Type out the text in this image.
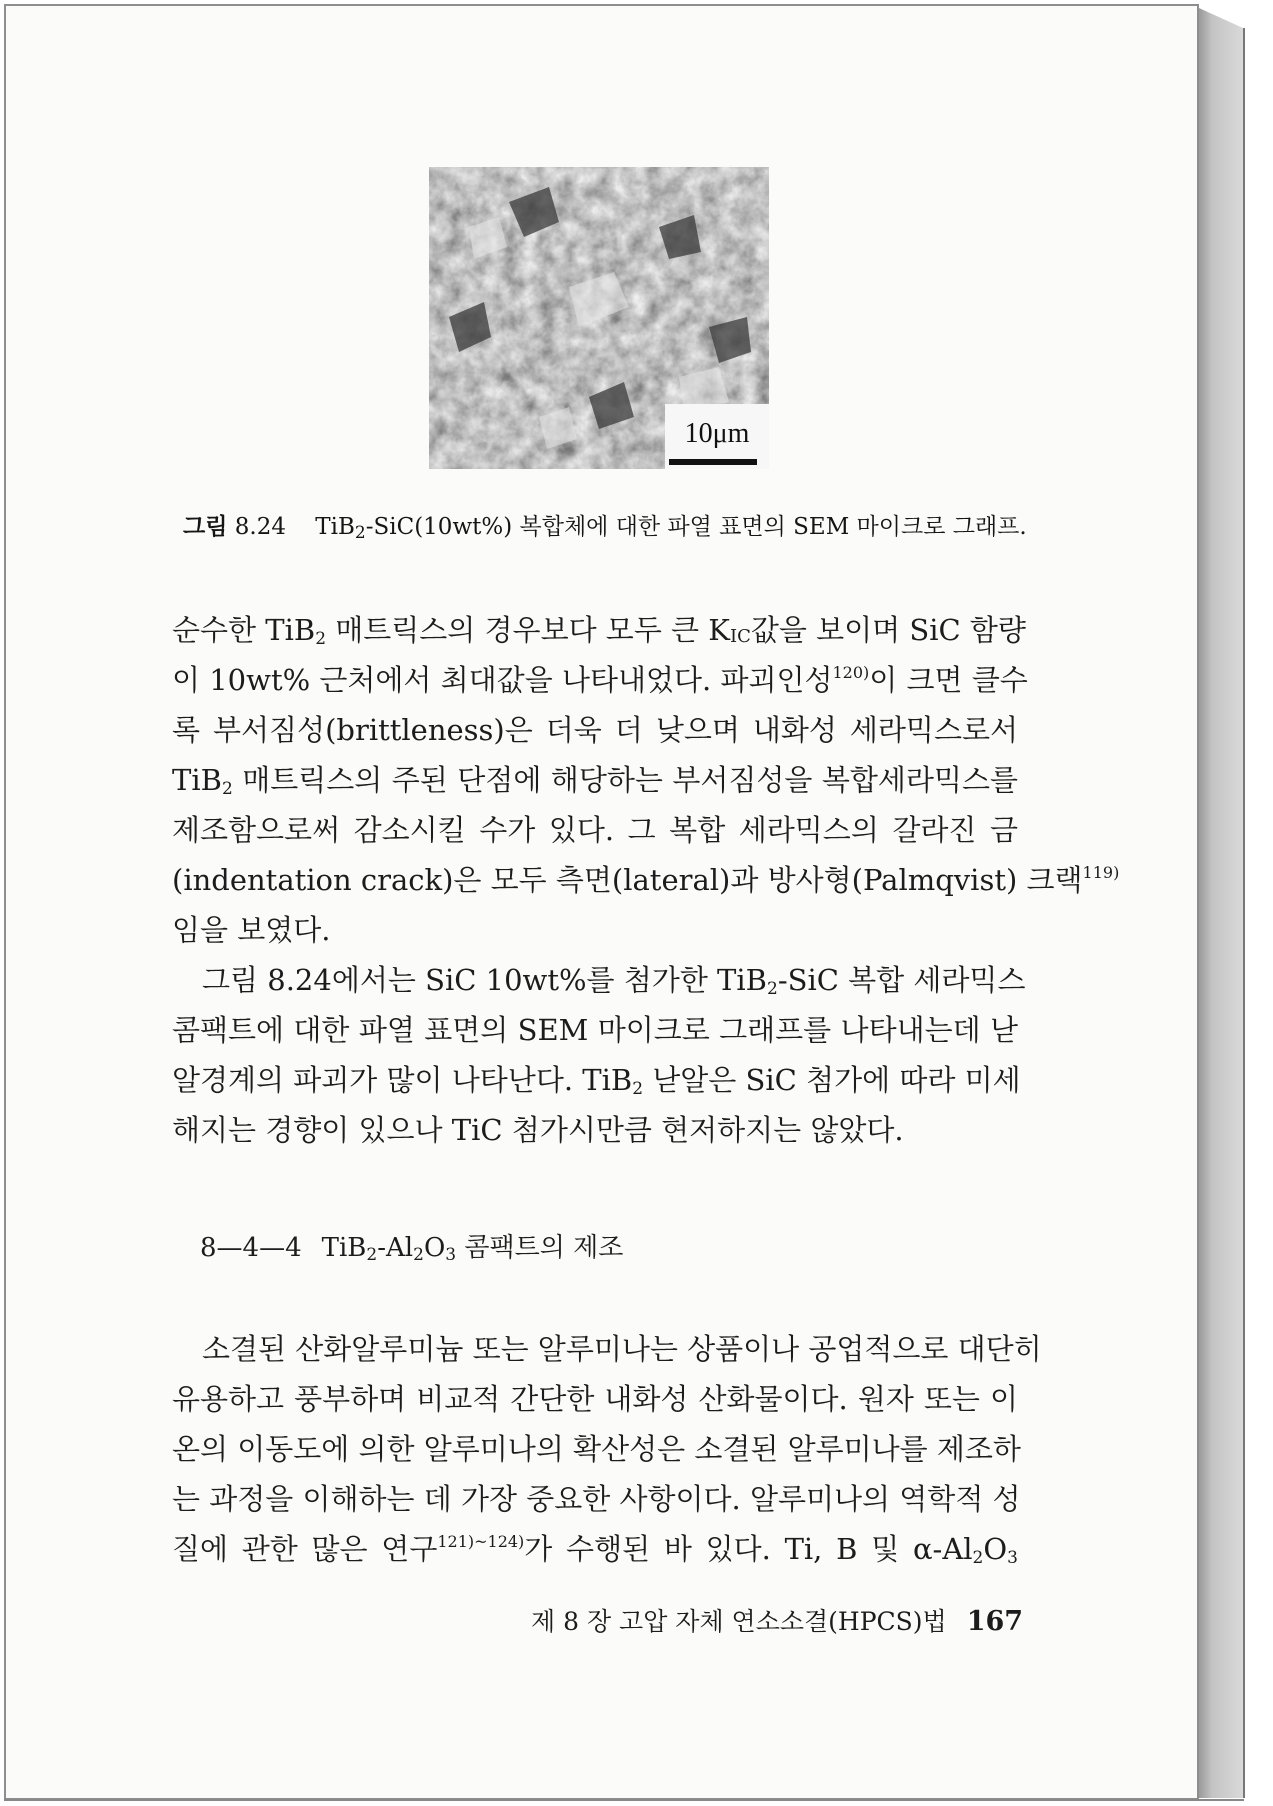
10μm
그림 8.24 TiB$_2$-SiC(10wt%) 복합체에 대한 파열 표면의 SEM 마이크로 그래프.
순수한 TiB$_2$ 매트릭스의 경우보다 모두 큰 KIC값을 보이며 SiC 함량
이 10wt% 근처에서 최대값을 나타내었다. 파괴인성$^{120)}$이 크면 클수
록 부서짐성(brittleness)은 더욱 더 낮으며 내화성 세라믹스로서
TiB$_2$ 매트릭스의 주된 단점에 해당하는 부서짐성을 복합세라믹스를
제조함으로써 감소시킬 수가 있다. 그 복합 세라믹스의 갈라진 금
(indentation crack)은 모두 측면(lateral)과 방사형(Palmqvist) 크랙$^{119)}$
임을 보였다.
그림 8.24에서는 SiC 10wt%를 첨가한 TiB$_2$-SiC 복합 세라믹스
콤팩트에 대한 파열 표면의 SEM 마이크로 그래프를 나타내는데 낟
알경계의 파괴가 많이 나타난다. TiB$_2$ 낟알은 SiC 첨가에 따라 미세
해지는 경향이 있으나 TiC 첨가시만큼 현저하지는 않았다.
8—4—4 $TiB_2-Al_2O_3$ 콤팩트의 제조
소결된 산화알루미늄 또는 알루미나는 상품이나 공업적으로 대단히
유용하고 풍부하며 비교적 간단한 내화성 산화물이다. 원자 또는 이
온의 이동도에 의한 알루미나의 확산성은 소결된 알루미나를 제조하
는 과정을 이해하는 데 가장 중요한 사항이다. 알루미나의 역학적 성
질에 관한 많은 연구$^{121)\sim 124)}$가 수행된 바 있다. Ti, B 및 $\alpha-Al_2O_3$
제 8 장 고압 자체 연소소결(HPCS)법 167
